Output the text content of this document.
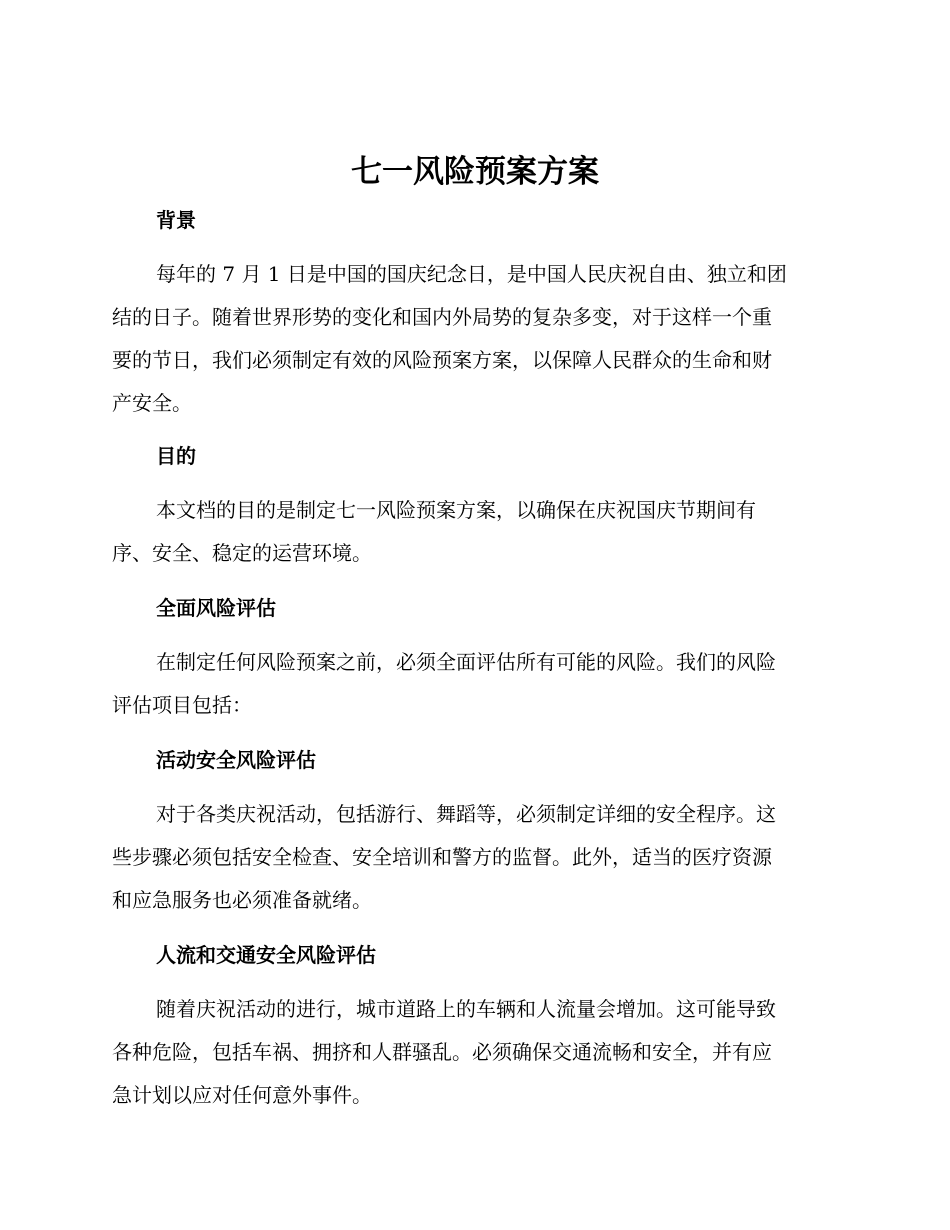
七一风险预案方案
背景
每年的 7 月 1 日是中国的国庆纪念日，是中国人民庆祝自由、独立和团
结的日子。随着世界形势的变化和国内外局势的复杂多变，对于这样一个重
要的节日，我们必须制定有效的风险预案方案，以保障人民群众的生命和财
产安全。
目的
本文档的目的是制定七一风险预案方案，以确保在庆祝国庆节期间有
序、安全、稳定的运营环境。
全面风险评估
在制定任何风险预案之前，必须全面评估所有可能的风险。我们的风险
评估项目包括：
活动安全风险评估
对于各类庆祝活动，包括游行、舞蹈等，必须制定详细的安全程序。这
些步骤必须包括安全检查、安全培训和警方的监督。此外，适当的医疗资源
和应急服务也必须准备就绪。
人流和交通安全风险评估
随着庆祝活动的进行，城市道路上的车辆和人流量会增加。这可能导致
各种危险，包括车祸、拥挤和人群骚乱。必须确保交通流畅和安全，并有应
急计划以应对任何意外事件。
